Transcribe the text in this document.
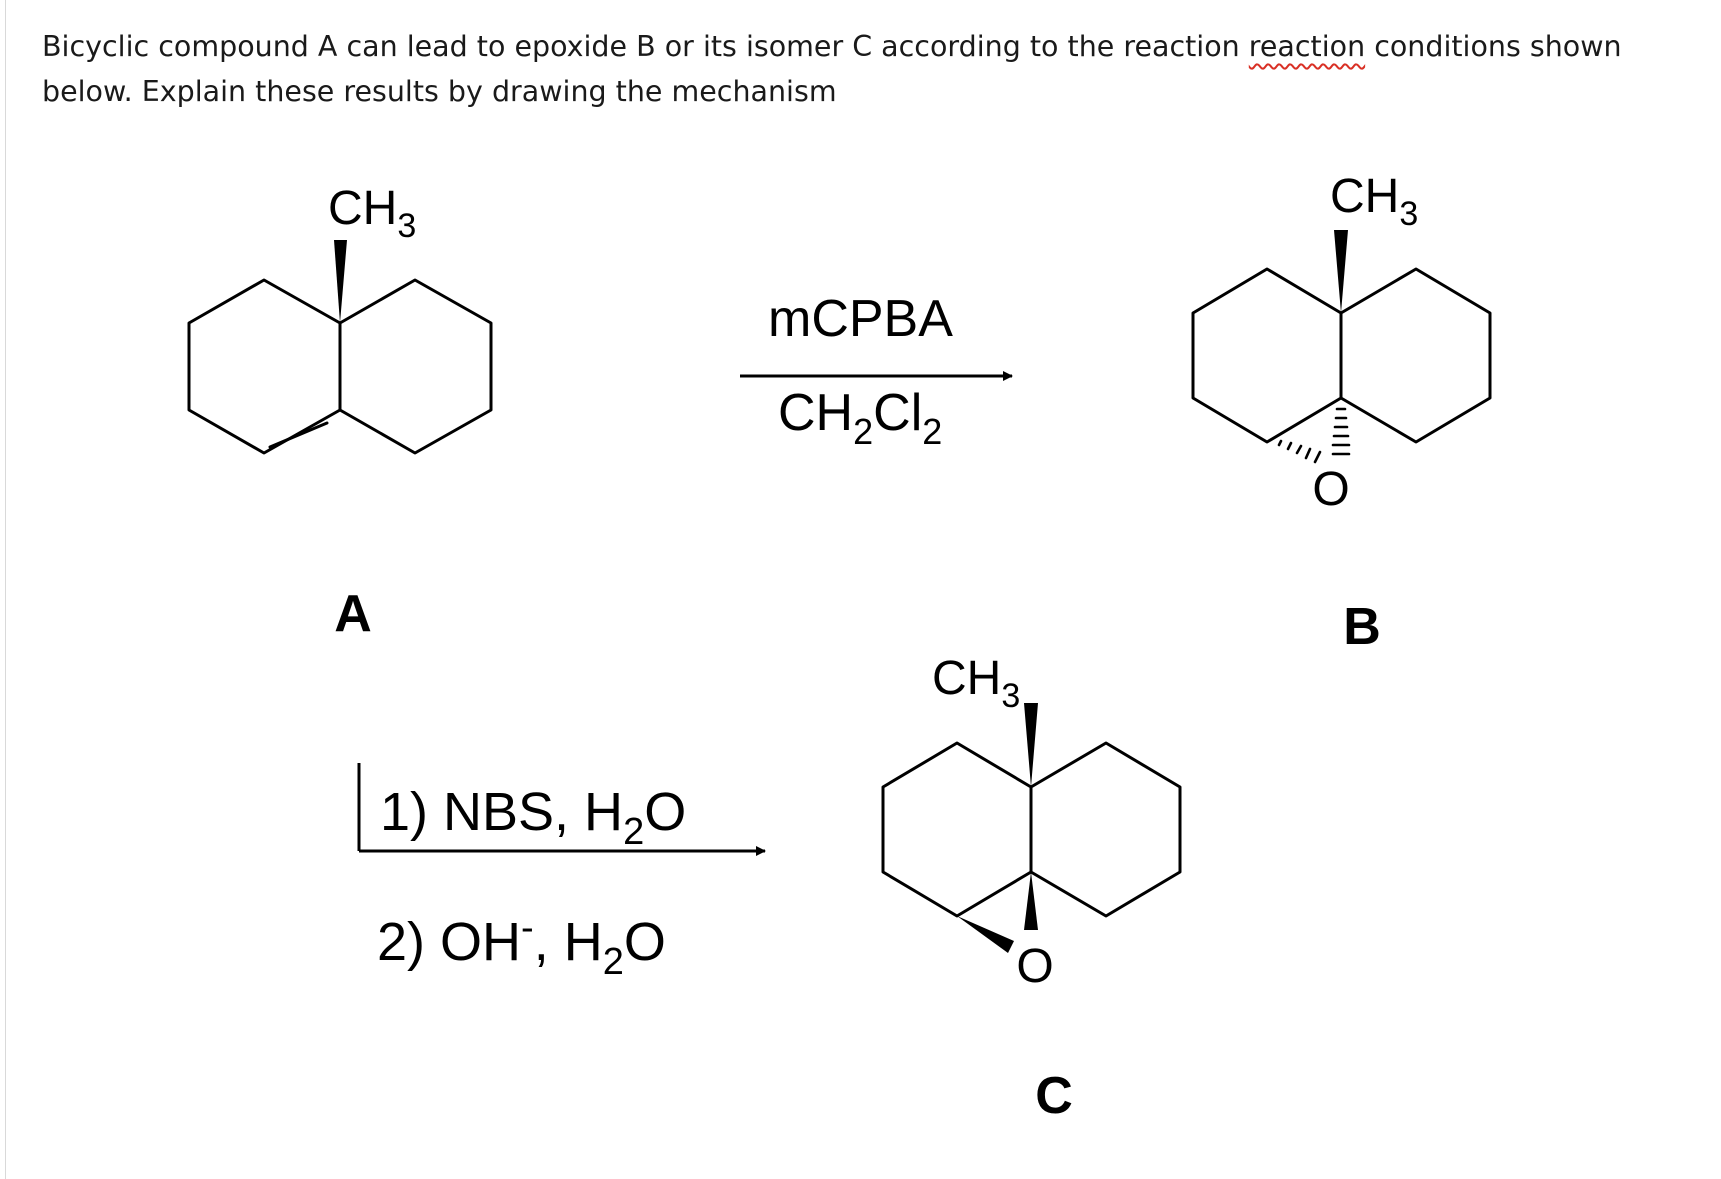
Bicyclic compound A can lead to epoxide B or its isomer C according to the reaction reaction conditions shown
below. Explain these results by drawing the mechanism
$CH_3$
A
mCPBA
$CH_2Cl_2$
O
$CH_3$
B
1) NBS, $H_2O$
2) OH-, $H_2O$	O
$CH_3$
C
